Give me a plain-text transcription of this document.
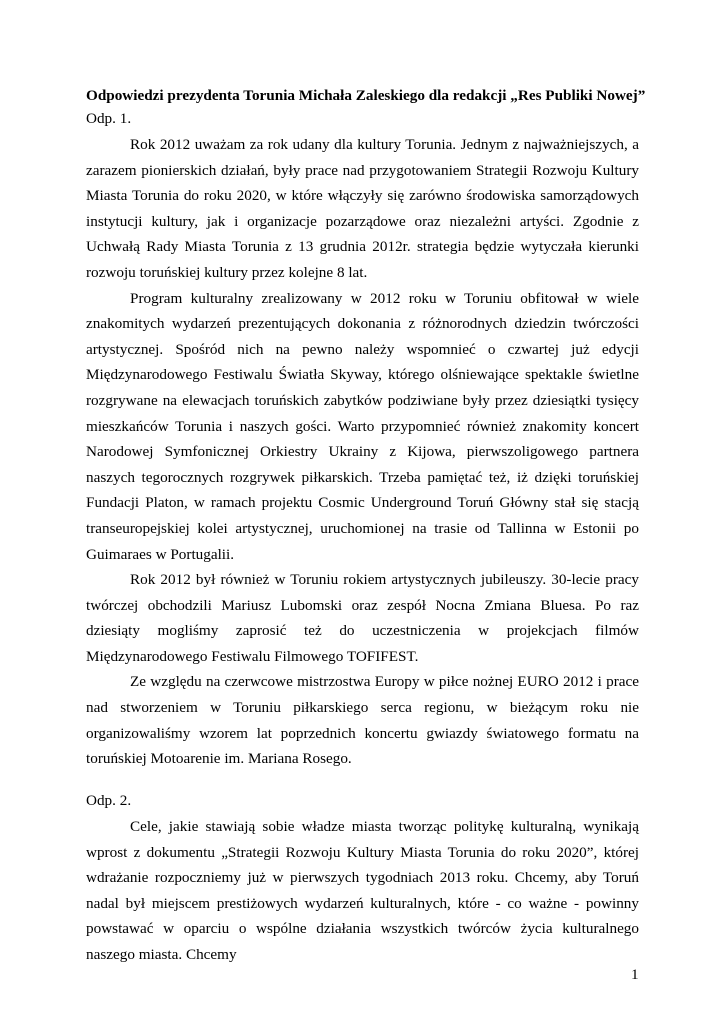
Odpowiedzi prezydenta Torunia Michała Zaleskiego dla redakcji „Res Publiki Nowej”
Odp. 1.

Rok 2012 uważam za rok udany dla kultury Torunia. Jednym z najważniejszych, a zarazem pionierskich działań, były prace nad przygotowaniem Strategii Rozwoju Kultury Miasta Torunia do roku 2020, w które włączyły się zarówno środowiska samorządowych instytucji kultury, jak i organizacje pozarządowe oraz niezależni artyści. Zgodnie z Uchwałą Rady Miasta Torunia z 13 grudnia 2012r. strategia będzie wytyczała kierunki rozwoju toruńskiej kultury przez kolejne 8 lat.

Program kulturalny zrealizowany w 2012 roku w Toruniu obfitował w wiele znakomitych wydarzeń prezentujących dokonania z różnorodnych dziedzin twórczości artystycznej. Spośród nich na pewno należy wspomnieć o czwartej już edycji Międzynarodowego Festiwalu Światła Skyway, którego olśniewające spektakle świetlne rozgrywane na elewacjach toruńskich zabytków podziwiane były przez dziesiątki tysięcy mieszkańców Torunia i naszych gości. Warto przypomnieć również znakomity koncert Narodowej Symfonicznej Orkiestry Ukrainy z Kijowa, pierwszoligowego partnera naszych tegorocznych rozgrywek piłkarskich. Trzeba pamiętać też, iż dzięki toruńskiej Fundacji Platon, w ramach projektu Cosmic Underground Toruń Główny stał się stacją transeuropejskiej kolei artystycznej, uruchomionej na trasie od Tallinna w Estonii po Guimaraes w Portugalii.

Rok 2012 był również w Toruniu rokiem artystycznych jubileuszy. 30-lecie pracy twórczej obchodzili Mariusz Lubomski oraz zespół Nocna Zmiana Bluesa. Po raz dziesiąty mogliśmy zaprosić też do uczestniczenia w projekcjach filmów Międzynarodowego Festiwalu Filmowego TOFIFEST.

Ze względu na czerwcowe mistrzostwa Europy w piłce nożnej EURO 2012 i prace nad stworzeniem w Toruniu piłkarskiego serca regionu, w bieżącym roku nie organizowaliśmy wzorem lat poprzednich koncertu gwiazdy światowego formatu na toruńskiej Motoarenie im. Mariana Rosego.

Odp. 2.

Cele, jakie stawiają sobie władze miasta tworząc politykę kulturalną, wynikają wprost z dokumentu „Strategii Rozwoju Kultury Miasta Torunia do roku 2020”, której wdrażanie rozpoczniemy już w pierwszych tygodniach 2013 roku. Chcemy, aby Toruń nadal był miejscem prestiżowych wydarzeń kulturalnych, które - co ważne - powinny powstawać w oparciu o wspólne działania wszystkich twórców życia kulturalnego naszego miasta. Chcemy

1
